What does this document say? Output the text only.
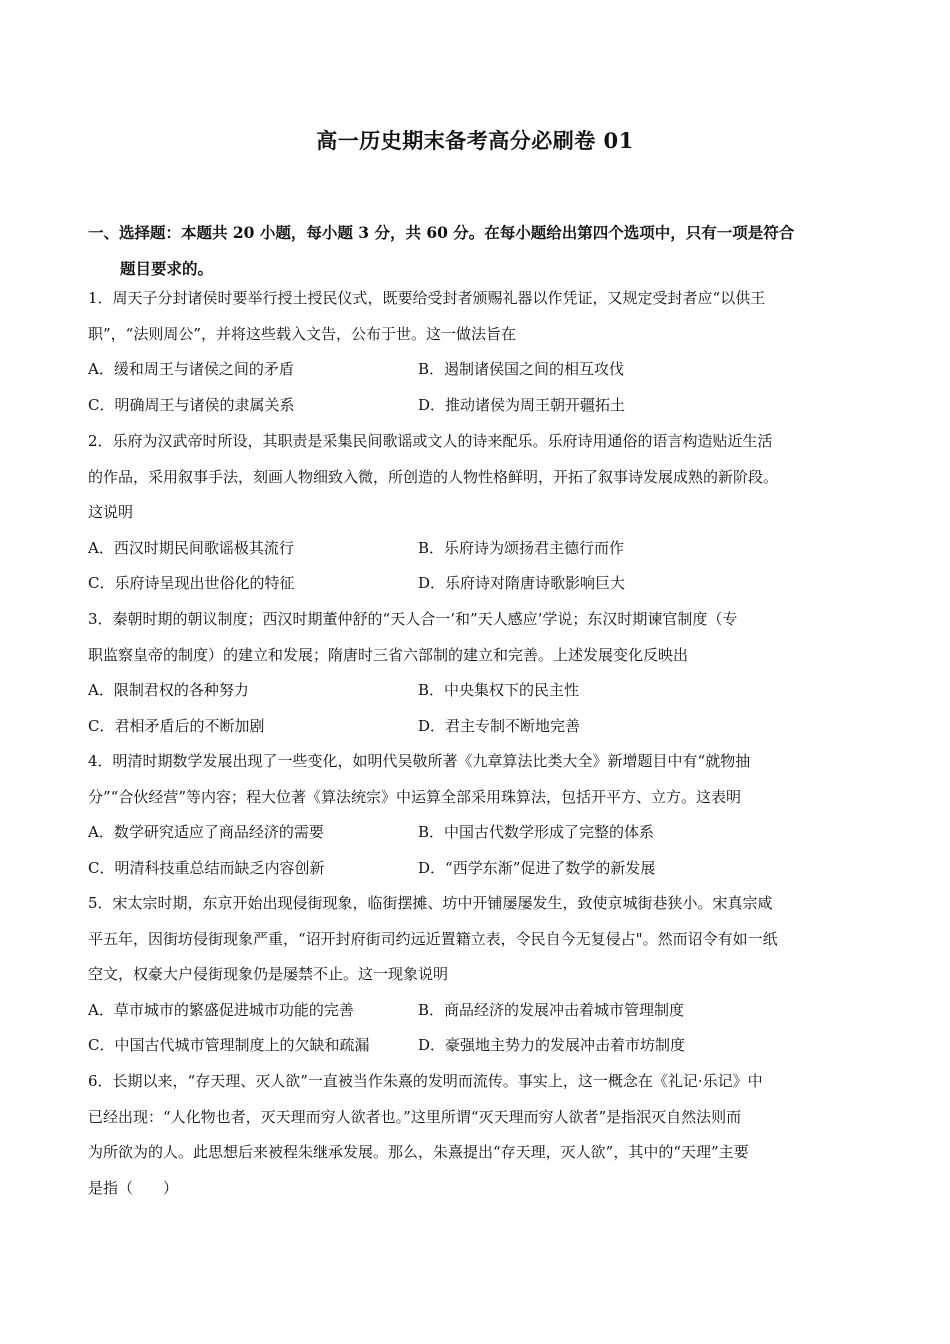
高一历史期末备考高分必刷卷 01
一、选择题：本题共 20 小题，每小题 3 分，共 60 分。在每小题给出第四个选项中，只有一项是符合
题目要求的。
1．周天子分封诸侯时要举行授土授民仪式，既要给受封者颁赐礼器以作凭证，又规定受封者应“以供王
职”，“法则周公”，并将这些载入文告，公布于世。这一做法旨在
A．缓和周王与诸侯之间的矛盾	B．遏制诸侯国之间的相互攻伐
C．明确周王与诸侯的隶属关系	D．推动诸侯为周王朝开疆拓土
2．乐府为汉武帝时所设，其职责是采集民间歌谣或文人的诗来配乐。乐府诗用通俗的语言构造贴近生活
的作品，采用叙事手法，刻画人物细致入微，所创造的人物性格鲜明，开拓了叙事诗发展成熟的新阶段。
这说明
A．西汉时期民间歌谣极其流行	B．乐府诗为颂扬君主德行而作
C．乐府诗呈现出世俗化的特征	D．乐府诗对隋唐诗歌影响巨大
3．秦朝时期的朝议制度；西汉时期董仲舒的“天人合一’和”天人感应’学说；东汉时期谏官制度（专
职监察皇帝的制度）的建立和发展；隋唐时三省六部制的建立和完善。上述发展变化反映出
A．限制君权的各种努力	B．中央集权下的民主性
C．君相矛盾后的不断加剧	D．君主专制不断地完善
4．明清时期数学发展出现了一些变化，如明代吴敬所著《九章算法比类大全》新增题目中有“就物抽
分”“合伙经营”等内容；程大位著《算法统宗》中运算全部采用珠算法，包括开平方、立方。这表明
A．数学研究适应了商品经济的需要	B．中国古代数学形成了完整的体系
C．明清科技重总结而缺乏内容创新	D．“西学东渐”促进了数学的新发展
5．宋太宗时期，东京开始出现侵街现象，临街摆摊、坊中开铺屡屡发生，致使京城街巷狭小。宋真宗咸
平五年，因街坊侵街现象严重，“诏开封府街司约远近置籍立表，令民自今无复侵占"。然而诏令有如一纸
空文，权豪大户侵街现象仍是屡禁不止。这一现象说明
A．草市城市的繁盛促进城市功能的完善	B．商品经济的发展冲击着城市管理制度
C．中国古代城市管理制度上的欠缺和疏漏	D．豪强地主势力的发展冲击着市坊制度
6．长期以来，“存天理、灭人欲”一直被当作朱熹的发明而流传。事实上，这一概念在《礼记·乐记》中
已经出现：“人化物也者，灭天理而穷人欲者也。”这里所谓“灭天理而穷人欲者”是指泯灭自然法则而
为所欲为的人。此思想后来被程朱继承发展。那么，朱熹提出“存天理，灭人欲”，其中的“天理”主要
是指（　　）
